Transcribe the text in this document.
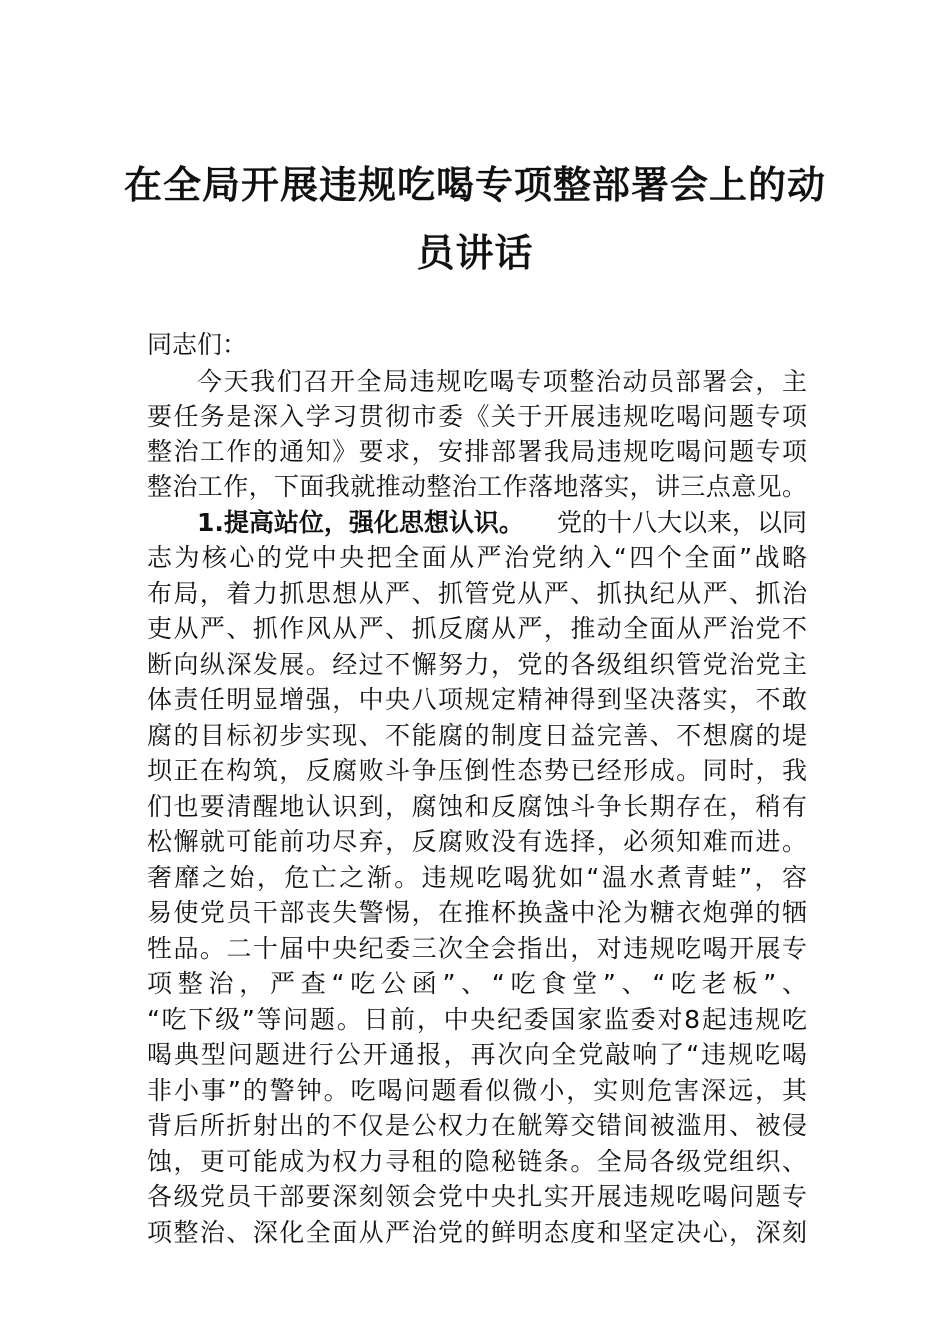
在全局开展违规吃喝专项整部署会上的动
员讲话
同志们：
今天我们召开全局违规吃喝专项整治动员部署会，主
要任务是深入学习贯彻市委《关于开展违规吃喝问题专项
整治工作的通知》要求，安排部署我局违规吃喝问题专项
整治工作，下面我就推动整治工作落地落实，讲三点意见。
1.提高站位，强化思想认识。 党的十八大以来，以同
志为核心的党中央把全面从严治党纳入“四个全面”战略
布局，着力抓思想从严、抓管党从严、抓执纪从严、抓治
吏从严、抓作风从严、抓反腐从严，推动全面从严治党不
断向纵深发展。经过不懈努力，党的各级组织管党治党主
体责任明显增强，中央八项规定精神得到坚决落实，不敢
腐的目标初步实现、不能腐的制度日益完善、不想腐的堤
坝正在构筑，反腐败斗争压倒性态势已经形成。同时，我
们也要清醒地认识到，腐蚀和反腐蚀斗争长期存在，稍有
松懈就可能前功尽弃，反腐败没有选择，必须知难而进。
奢靡之始，危亡之渐。违规吃喝犹如“温水煮青蛙”，容
易使党员干部丧失警惕，在推杯换盏中沦为糖衣炮弹的牺
牲品。二十届中央纪委三次全会指出，对违规吃喝开展专
项整治，严查“吃公函”、“吃食堂”、“吃老板”、
“吃下级”等问题。日前，中央纪委国家监委对8起违规吃
喝典型问题进行公开通报，再次向全党敲响了“违规吃喝
非小事”的警钟。吃喝问题看似微小，实则危害深远，其
背后所折射出的不仅是公权力在觥筹交错间被滥用、被侵
蚀，更可能成为权力寻租的隐秘链条。全局各级党组织、
各级党员干部要深刻领会党中央扎实开展违规吃喝问题专
项整治、深化全面从严治党的鲜明态度和坚定决心，深刻
